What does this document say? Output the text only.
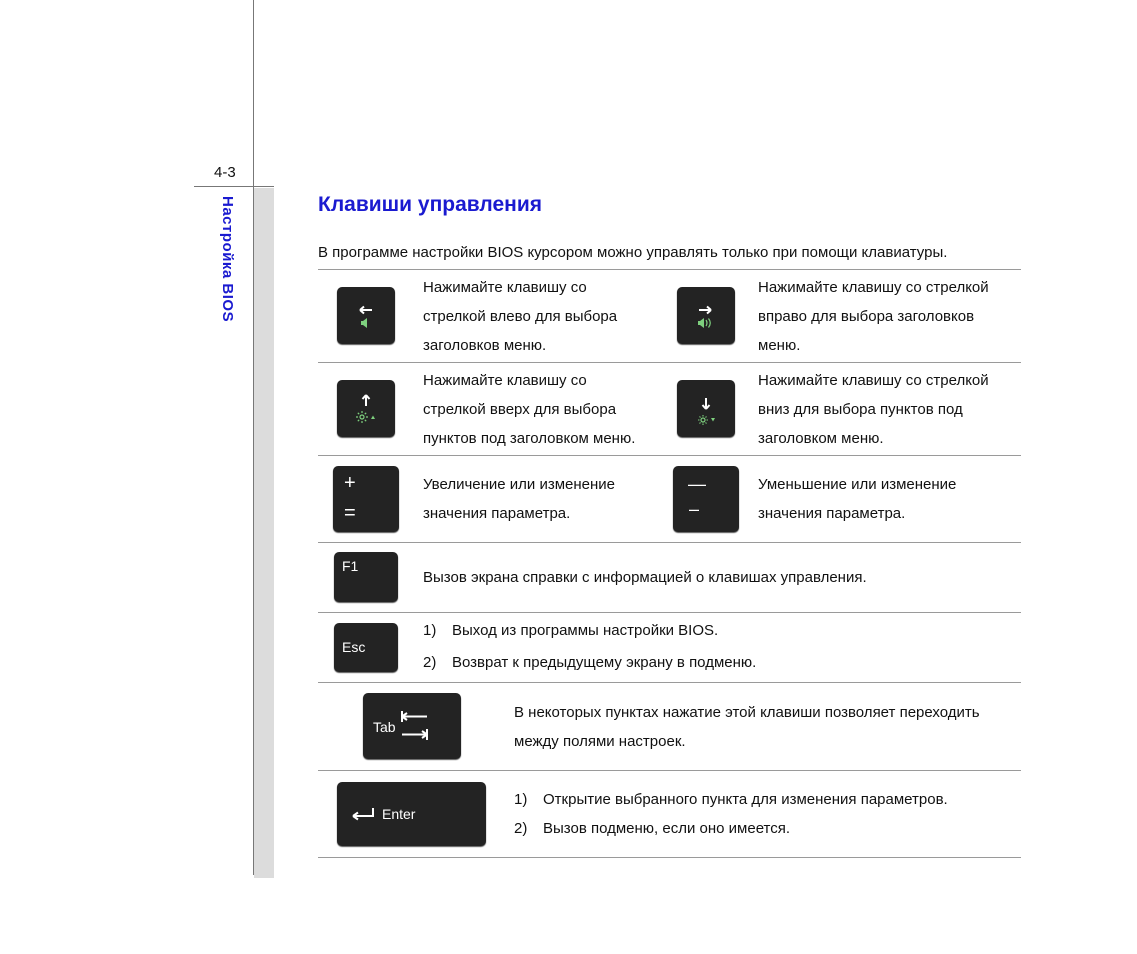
4-3
Настройка BIOS	Клавиши управления
В программе настройки BIOS курсором можно управлять только при помощи клавиатуры.
Нажимайте клавишу со
стрелкой влево для выбора
заголовков меню.
Нажимайте клавишу со стрелкой
вправо для выбора заголовков
меню.
Нажимайте клавишу со
стрелкой вверх для выбора
пунктов под заголовком меню.
Нажимайте клавишу со стрелкой
вниз для выбора пунктов под
заголовком меню.
+
=
Увеличение или изменение
значения параметра.
—
–
Уменьшение или изменение
значения параметра.
F1
Вызов экрана справки с информацией о клавишах управления.
Esc
1) Выход из программы настройки BIOS.
2) Возврат к предыдущему экрану в подменю.
Tab
В некоторых пунктах нажатие этой клавиши позволяет переходить
между полями настроек.
Enter
1) Открытие выбранного пункта для изменения параметров.
2) Вызов подменю, если оно имеется.
